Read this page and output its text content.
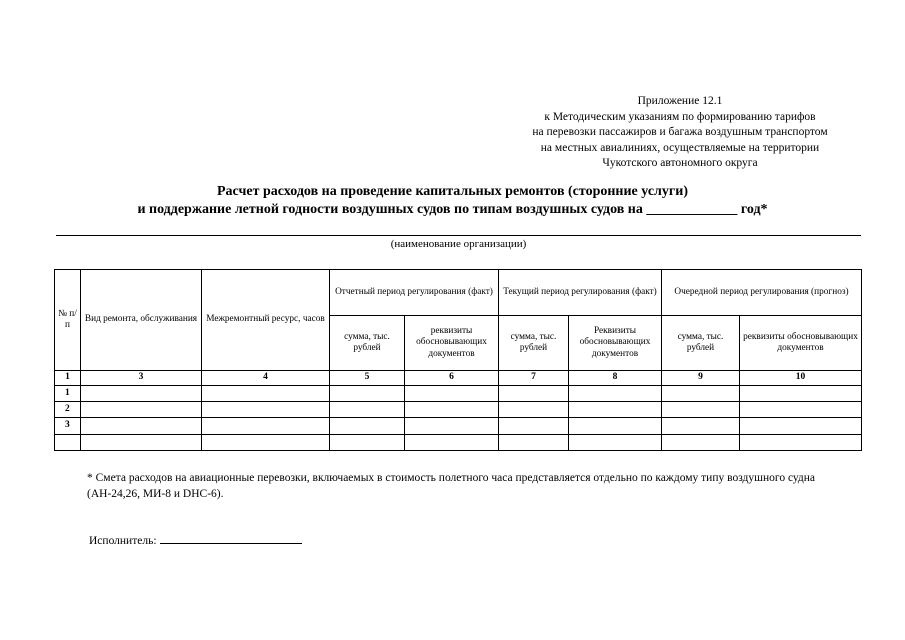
Приложение 12.1
к Методическим указаниям по формированию тарифов
на перевозки пассажиров и багажа воздушным транспортом
на местных авиалиниях, осуществляемые на территории
Чукотского автономного округа
Расчет расходов на проведение капитальных ремонтов (сторонние услуги)
и поддержание летной годности воздушных судов по типам воздушных судов на _____________ год*
(наименование организации)
№ п/п	Вид ремонта, обслуживания	Межремонтный ресурс, часов	Отчетный период регулирования (факт)		Текущий период регулирования (факт)		Очередной период регулирования (прогноз)	
			сумма, тыс. рублей	реквизиты обосновывающих документов	сумма, тыс. рублей	Реквизиты обосновывающих документов	сумма, тыс. рублей	реквизиты обосновывающих документов
1	3	4	5	6	7	8	9	10
1								
2								
3								

* Смета расходов на авиационные перевозки, включаемых в стоимость полетного часа представляется отдельно по каждому типу воздушного судна (АН-24,26, МИ-8 и DHC-6).
Исполнитель:
